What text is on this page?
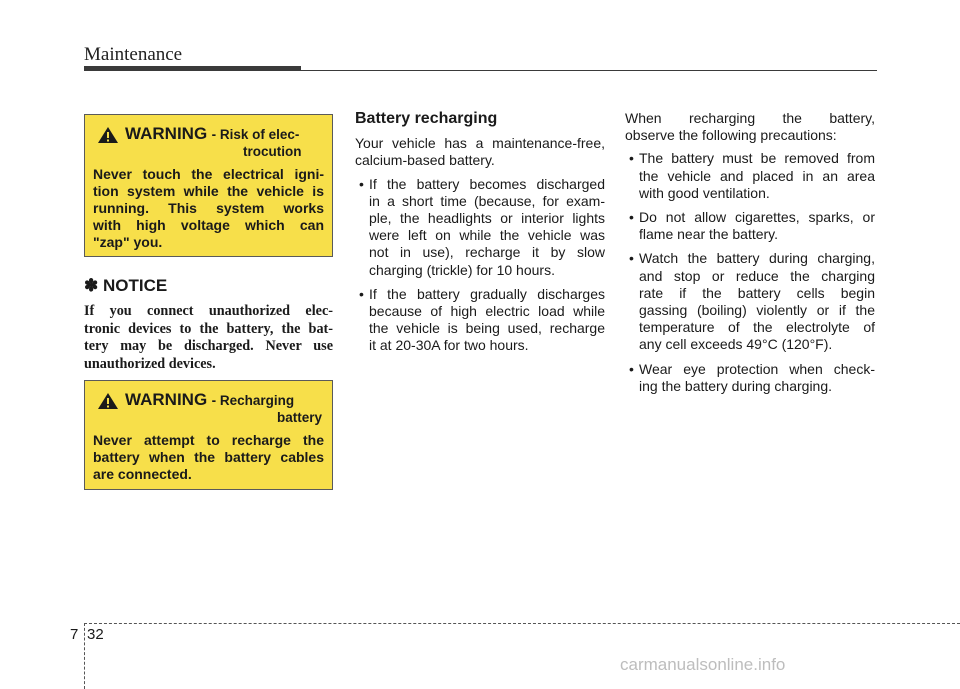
Maintenance
WARNING - Risk of elec-
trocution
Never touch the electrical igni-
tion system while the vehicle is
running. This system works
with high voltage which can
"zap" you.
✽ NOTICE
If you connect unauthorized elec-
tronic devices to the battery, the bat-
tery may be discharged. Never use
unauthorized devices.
WARNING - Recharging
battery
Never attempt to recharge the
battery when the battery cables
are connected.
Battery recharging
Your vehicle has a maintenance-free,
calcium-based battery.
• If the battery becomes discharged
in a short time (because, for exam-
ple, the headlights or interior lights
were left on while the vehicle was
not in use), recharge it by slow
charging (trickle) for 10 hours.
• If the battery gradually discharges
because of high electric load while
the vehicle is being used, recharge
it at 20-30A for two hours.
When recharging the battery,
observe the following precautions:
• The battery must be removed from
the vehicle and placed in an area
with good ventilation.
• Do not allow cigarettes, sparks, or
flame near the battery.
• Watch the battery during charging,
and stop or reduce the charging
rate if the battery cells begin
gassing (boiling) violently or if the
temperature of the electrolyte of
any cell exceeds 49°C (120°F).
• Wear eye protection when check-
ing the battery during charging.
7 32
carmanualsonline.info
